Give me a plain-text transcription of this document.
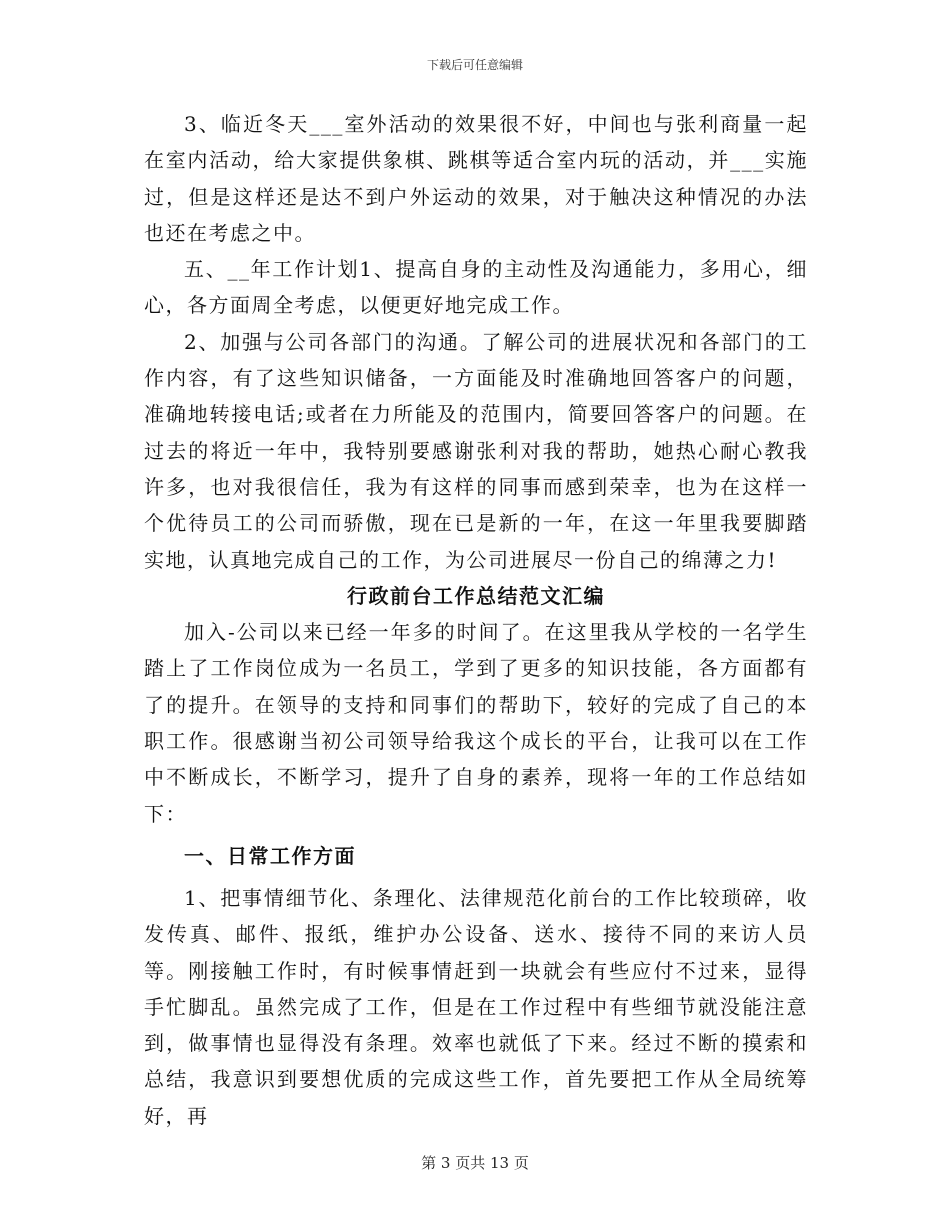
下载后可任意编辑

3、临近冬天___室外活动的效果很不好，中间也与张利商量一起在室内活动，给大家提供象棋、跳棋等适合室内玩的活动，并___实施过，但是这样还是达不到户外运动的效果，对于触决这种情况的办法也还在考虑之中。

五、__年工作计划1、提高自身的主动性及沟通能力，多用心，细心，各方面周全考虑，以便更好地完成工作。

2、加强与公司各部门的沟通。了解公司的进展状况和各部门的工作内容，有了这些知识储备，一方面能及时准确地回答客户的问题，准确地转接电话;或者在力所能及的范围内，简要回答客户的问题。在过去的将近一年中，我特别要感谢张利对我的帮助，她热心耐心教我许多，也对我很信任，我为有这样的同事而感到荣幸，也为在这样一个优待员工的公司而骄傲，现在已是新的一年，在这一年里我要脚踏实地，认真地完成自己的工作，为公司进展尽一份自己的绵薄之力!

行政前台工作总结范文汇编

加入-公司以来已经一年多的时间了。在这里我从学校的一名学生踏上了工作岗位成为一名员工，学到了更多的知识技能，各方面都有了的提升。在领导的支持和同事们的帮助下，较好的完成了自己的本职工作。很感谢当初公司领导给我这个成长的平台，让我可以在工作中不断成长，不断学习，提升了自身的素养，现将一年的工作总结如下：

一、日常工作方面

1、把事情细节化、条理化、法律规范化前台的工作比较琐碎，收发传真、邮件、报纸，维护办公设备、送水、接待不同的来访人员等。刚接触工作时，有时候事情赶到一块就会有些应付不过来，显得手忙脚乱。虽然完成了工作，但是在工作过程中有些细节就没能注意到，做事情也显得没有条理。效率也就低了下来。经过不断的摸索和总结，我意识到要想优质的完成这些工作，首先要把工作从全局统筹好，再

第 3 页共 13 页
